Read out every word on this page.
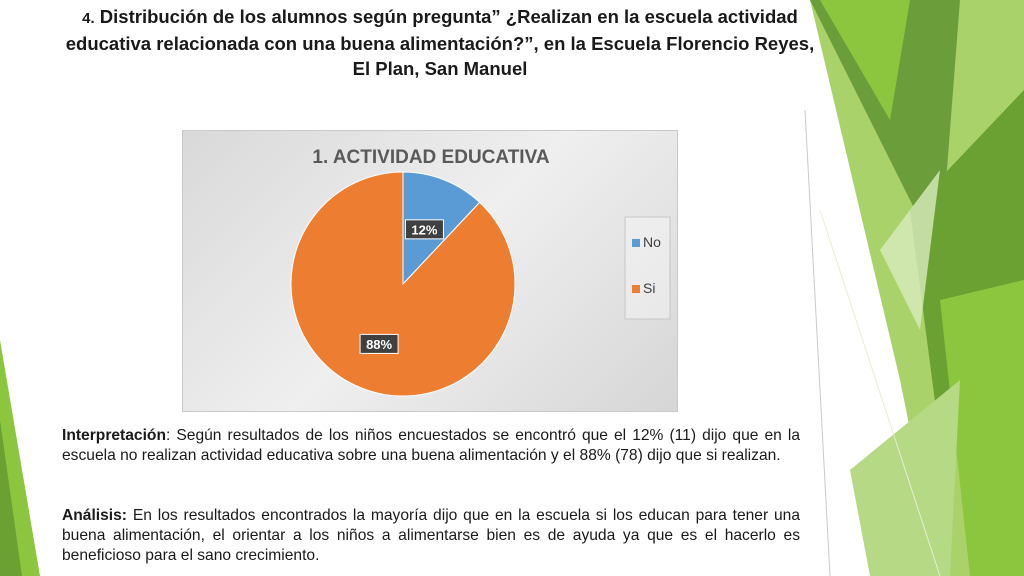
4. Distribución de los alumnos según pregunta” ¿Realizan en la escuela actividad educativa relacionada con una buena alimentación?”, en la Escuela Florencio Reyes, El Plan, San Manuel
1. ACTIVIDAD EDUCATIVA
12%
88%
No
Si
Interpretación: Según resultados de los niños encuestados se encontró que el 12% (11) dijo que en la escuela no realizan actividad educativa sobre una buena alimentación y el 88% (78) dijo que si realizan.
Análisis: En los resultados encontrados la mayoría dijo que en la escuela si los educan para tener una buena alimentación, el orientar a los niños a alimentarse bien es de ayuda ya que es el hacerlo es beneficioso para el sano crecimiento.
